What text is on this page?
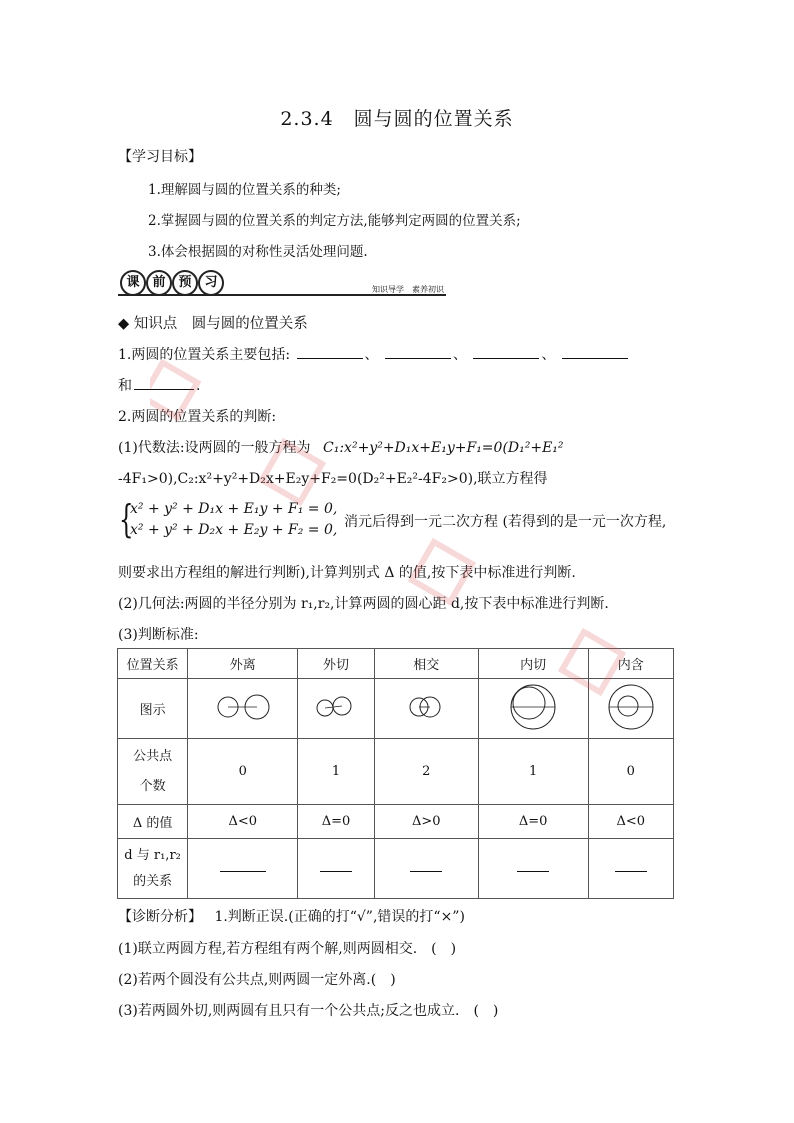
2.3.4　圆与圆的位置关系
【学习目标】
1.理解圆与圆的位置关系的种类;
2.掌握圆与圆的位置关系的判定方法,能够判定两圆的位置关系;
3.体会根据圆的对称性灵活处理问题.
课 前 预 习	知识导学　素养初识
◆ 知识点　圆与圆的位置关系
1.两圆的位置关系主要包括:	、	、	、
和	.
2.两圆的位置关系的判断:
(1)代数法:设两圆的一般方程为 C₁:x²+y²+D₁x+E₁y+F₁=0(D₁²+E₁²
-4F₁>0),C₂:x²+y²+D₂x+E₂y+F₂=0(D₂²+E₂²-4F₂>0),联立方程得
{
x² + y² + D₁x + E₁y + F₁ = 0,
x² + y² + D₂x + E₂y + F₂ = 0, 消元后得到一元二次方程 (若得到的是一元一次方程,
则要求出方程组的解进行判断),计算判别式 Δ 的值,按下表中标准进行判断.
(2)几何法:两圆的半径分别为 r₁,r₂,计算两圆的圆心距 d,按下表中标准进行判断.
(3)判断标准:
位置关系	外离	外切	相交	内切	内含
图示					

公共点
个数	0	1	2	1	0
Δ 的值	Δ<0	Δ=0	Δ>0	Δ=0	Δ<0

d 与 r₁,r₂
的关系					

【诊断分析】 1.判断正误.(正确的打“√”,错误的打“×”)
(1)联立两圆方程,若方程组有两个解,则两圆相交.　(　)
(2)若两个圆没有公共点,则两圆一定外离.(　)
(3)若两圆外切,则两圆有且只有一个公共点;反之也成立.　(　)
